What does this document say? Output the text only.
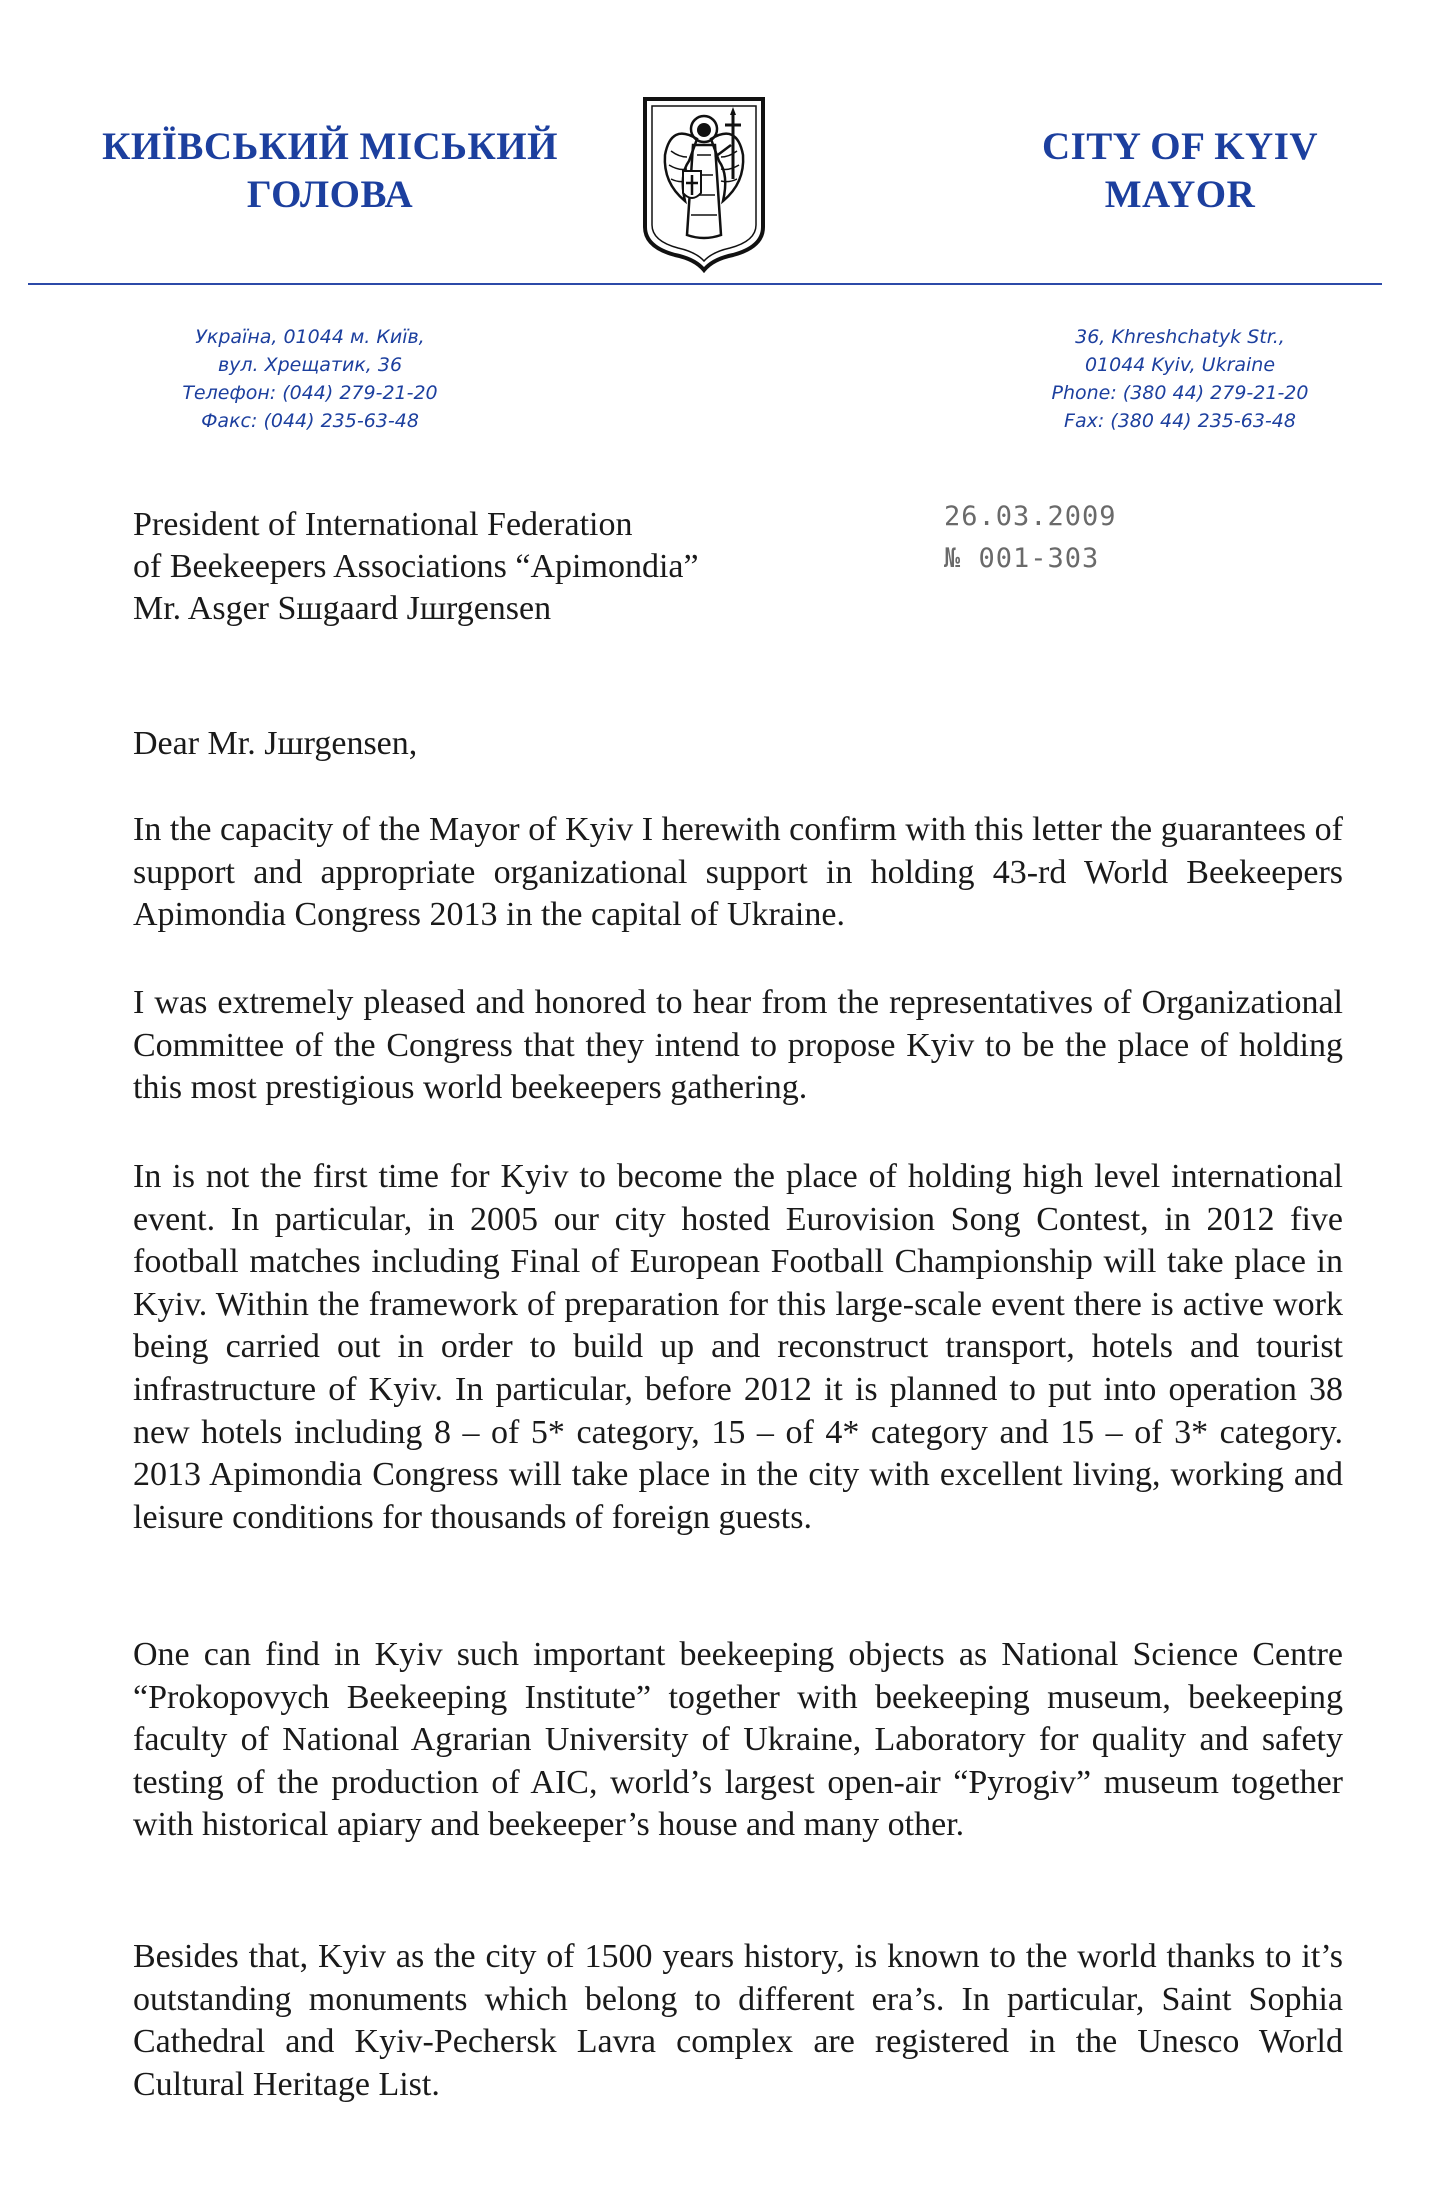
КИЇВСЬКИЙ МІСЬКИЙ
ГОЛОВА
CITY OF KYIV
MAYOR
Україна, 01044 м. Київ,
вул. Хрещатик, 36
Телефон: (044) 279-21-20
Факс: (044) 235-63-48
36, Khreshchatyk Str.,
01044 Kyiv, Ukraine
Phone: (380 44) 279-21-20
Fax: (380 44) 235-63-48
President of International Federation
of Beekeepers Associations “Apimondia”
Mr. Asger Sшgaard Jшrgensen
26.03.2009
№ 001-303
Dear Mr. Jшrgensen,
In the capacity of the Mayor of Kyiv I herewith confirm with this letter the guarantees of support and appropriate organizational support in holding 43-rd World Beekeepers Apimondia Congress 2013 in the capital of Ukraine.
I was extremely pleased and honored to hear from the representatives of Organizational Committee of the Congress that they intend to propose Kyiv to be the place of holding this most prestigious world beekeepers gathering.
In is not the first time for Kyiv to become the place of holding high level international event. In particular, in 2005 our city hosted Eurovision Song Contest, in 2012 five football matches including Final of European Football Championship will take place in Kyiv. Within the framework of preparation for this large-scale event there is active work being carried out in order to build up and reconstruct transport, hotels and tourist infrastructure of Kyiv. In particular, before 2012 it is planned to put into operation 38 new hotels including 8 – of 5* category, 15 – of 4* category and 15 – of 3* category. 2013 Apimondia Congress will take place in the city with excellent living, working and leisure conditions for thousands of foreign guests.
One can find in Kyiv such important beekeeping objects as National Science Centre “Prokopovych Beekeeping Institute” together with beekeeping museum, beekeeping faculty of National Agrarian University of Ukraine, Laboratory for quality and safety testing of the production of AIC, world’s largest open-air “Pyrogiv” museum together with historical apiary and beekeeper’s house and many other.
Besides that, Kyiv as the city of 1500 years history, is known to the world thanks to it’s outstanding monuments which belong to different era’s. In particular, Saint Sophia Cathedral and Kyiv-Pechersk Lavra complex are registered in the Unesco World Cultural Heritage List.
